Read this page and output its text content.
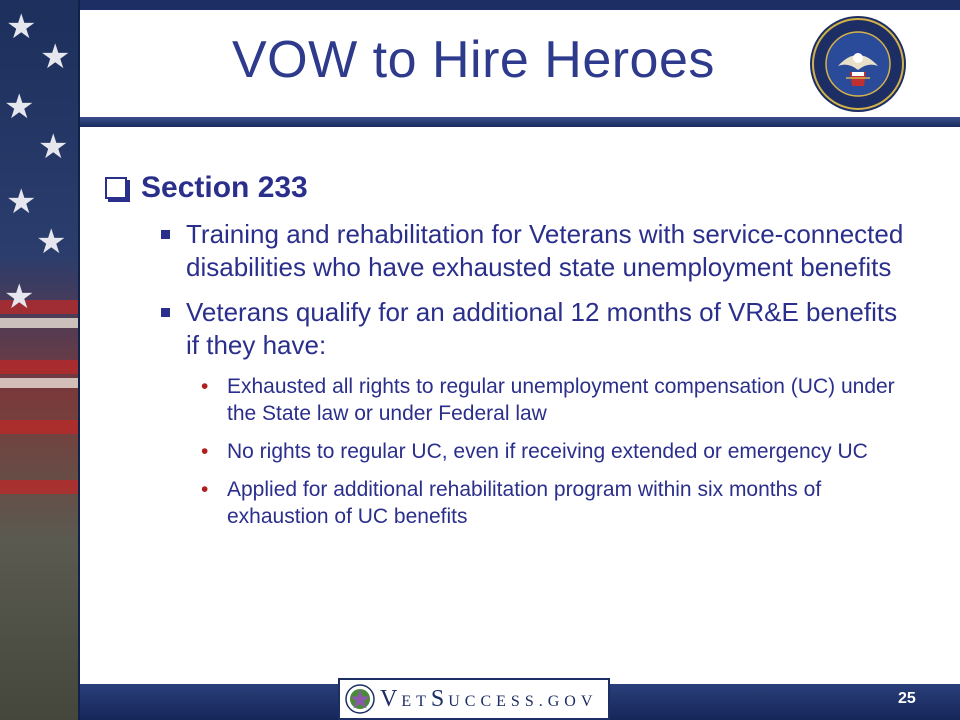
★
★
★
★
★
★
★
VOW to Hire Heroes
Section 233
Training and rehabilitation for Veterans with service-connected disabilities who have exhausted state unemployment benefits
Veterans qualify for an additional 12 months of VR&E benefits if they have:
• Exhausted all rights to regular unemployment compensation (UC) under the State law or under Federal law
• No rights to regular UC, even if receiving extended or emergency UC
• Applied for additional rehabilitation program within six months of exhaustion of UC benefits
VETSUCCESS.GOV	25
